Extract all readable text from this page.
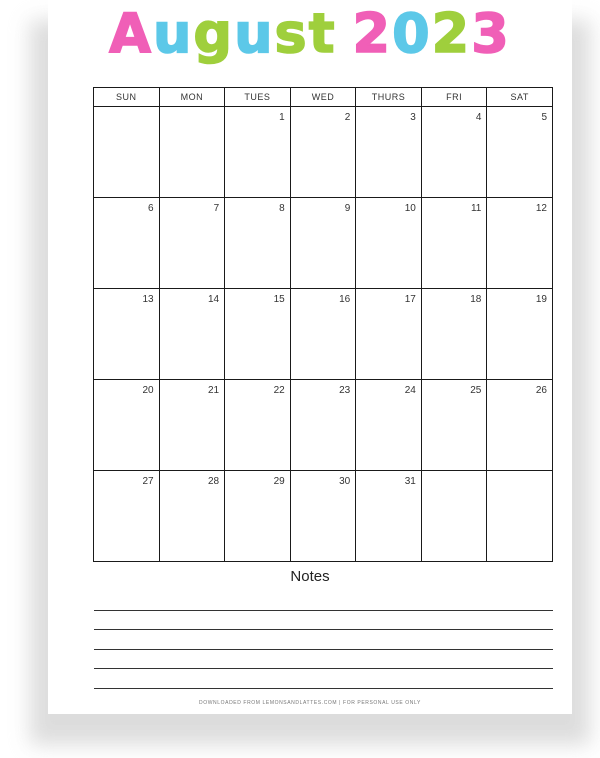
August 2023
SUN	MON	TUES	WED	THURS	FRI	SAT

		1	2	3	4	5

6	7	8	9	10	11	12

13	14	15	16	17	18	19

20	21	22	23	24	25	26

27	28	29	30	31		

Notes
DOWNLOADED FROM LEMONSANDLATTES.COM | FOR PERSONAL USE ONLY
